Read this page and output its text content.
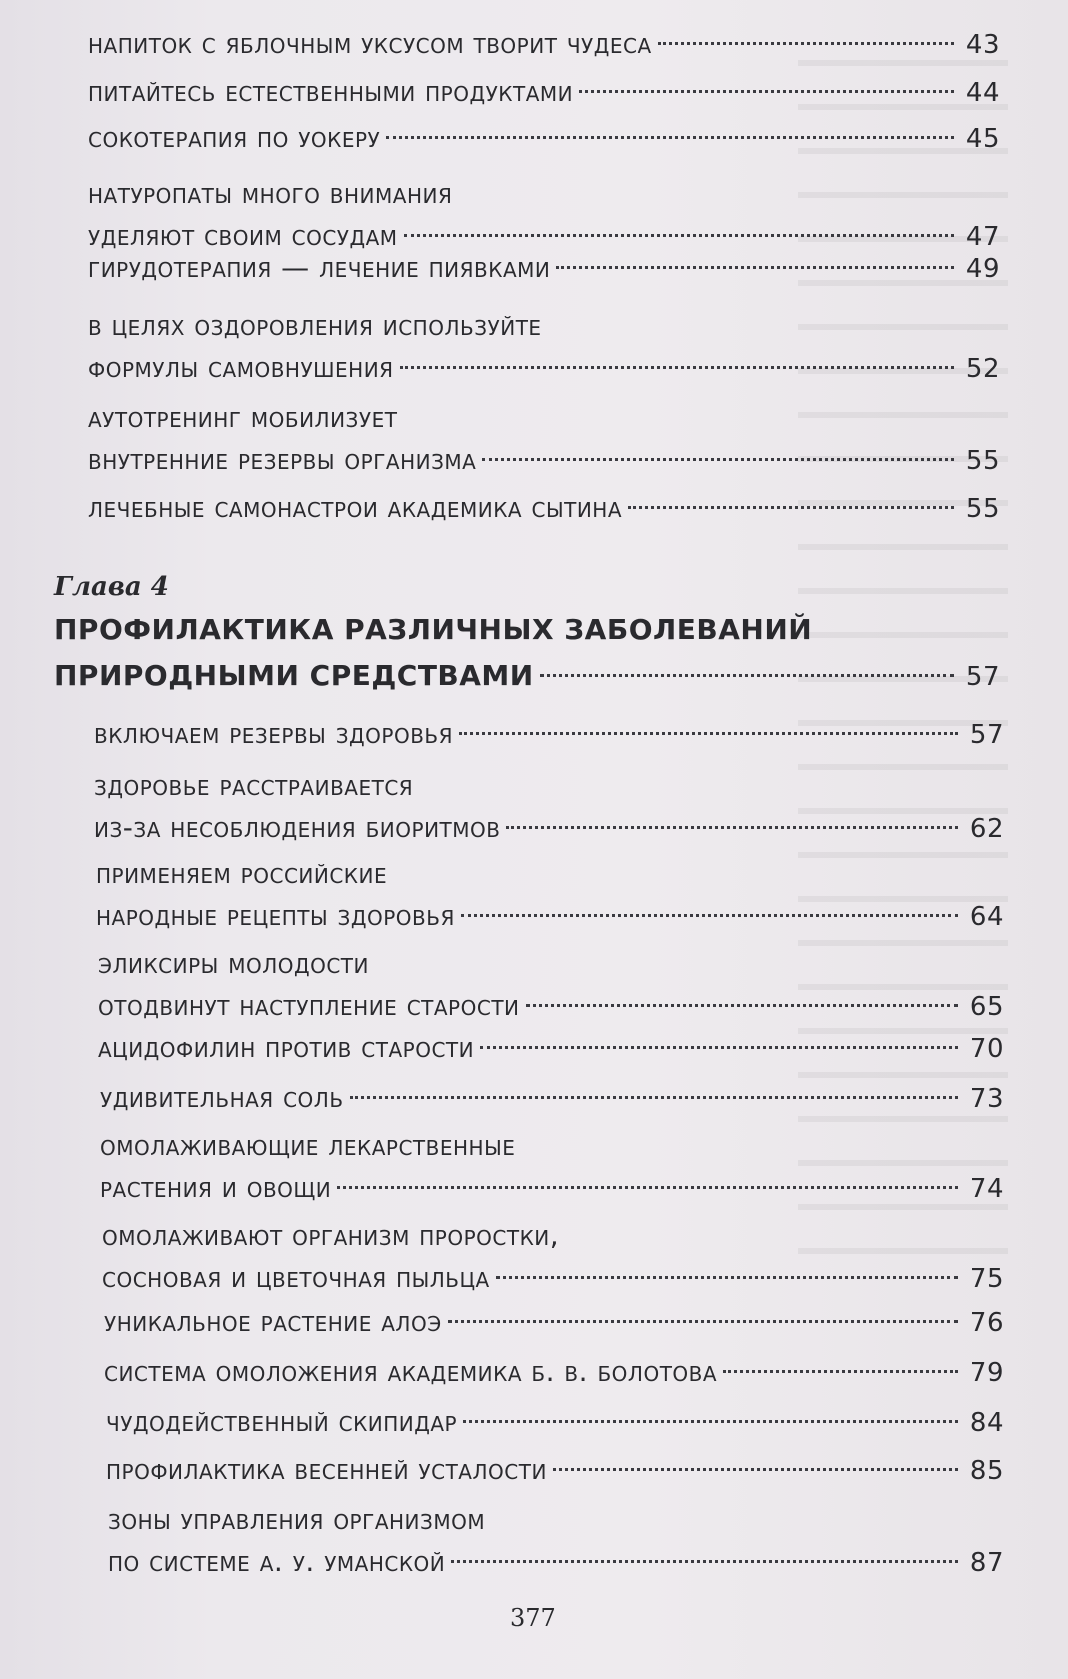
напиток с яблочным уксусом творит чудеса	43
питайтесь естественными продуктами	44
сокотерапия по уокеру	45
натуропаты много внимания
уделяют своим сосудам	47
гирудотерапия — лечение пиявками	49
в целях оздоровления используйте
формулы самовнушения	52
аутотренинг мобилизует
внутренние резервы организма	55
лечебные самонастрои академика сытина	55
ПРОФИЛАКТИКА РАЗЛИЧНЫХ ЗАБОЛЕВАНИЙ
ПРИРОДНЫМИ СРЕДСТВАМИ	57
включаем резервы здоровья	57
здоровье расстраивается
из-за несоблюдения биоритмов	62
применяем российские
народные рецепты здоровья	64
эликсиры молодости
отодвинут наступление старости	65
ацидофилин против старости	70
удивительная соль	73
омолаживающие лекарственные
растения и овощи	74
омолаживают организм проростки,
сосновая и цветочная пыльца	75
уникальное растение алоэ	76
система омоложения академика б. в. болотова	79
чудодейственный скипидар	84
профилактика весенней усталости	85
зоны управления организмом
по системе а. у. уманской	87
Глава 4
377
